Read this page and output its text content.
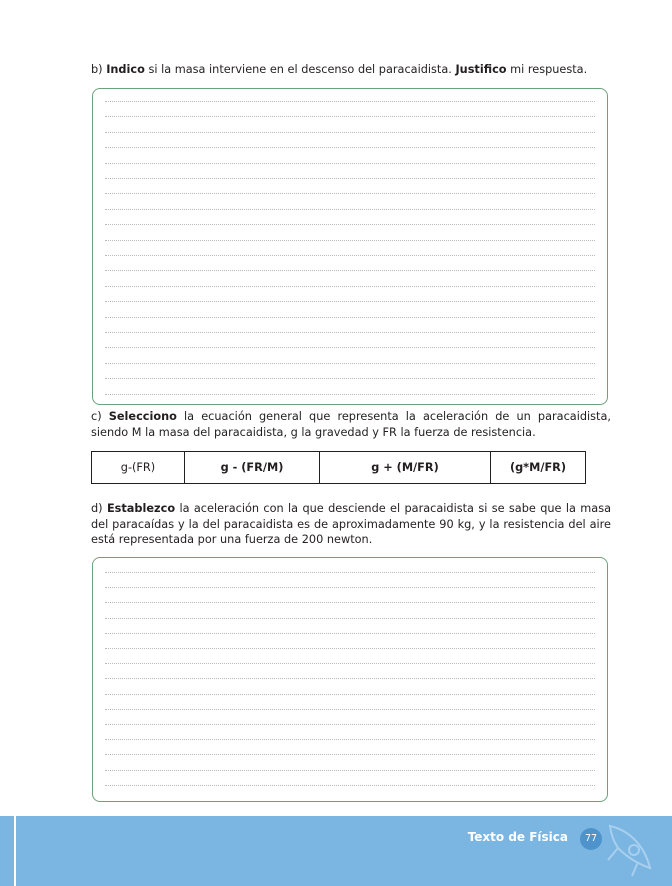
b) Indico si la masa interviene en el descenso del paracaidista. Justifico mi respuesta.

c) Selecciono la ecuación general que representa la aceleración de un paracaidista, siendo M la masa del paracaidista, g la gravedad y FR la fuerza de resistencia.

g-(FR)	g - (FR/M)	g + (M/FR)	(g*M/FR)

d) Establezco la aceleración con la que desciende el paracaidista si se sabe que la masa del paracaídas y la del paracaidista es de aproximadamente 90 kg, y la resistencia del aire está representada por una fuerza de 200 newton.

Texto de Física	77
